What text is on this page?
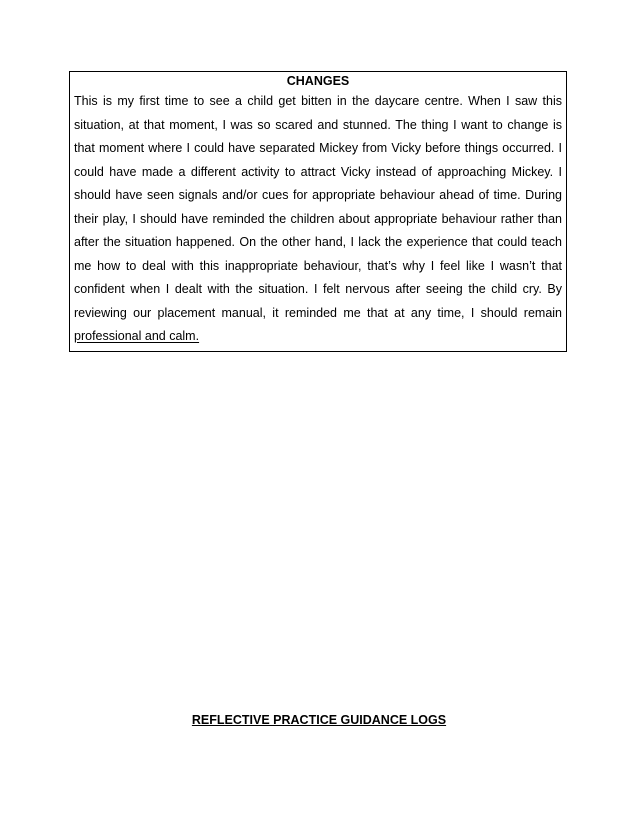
CHANGES

This is my first time to see a child get bitten in the daycare centre. When I saw this situation, at that moment, I was so scared and stunned. The thing I want to change is that moment where I could have separated Mickey from Vicky before things occurred. I could have made a different activity to attract Vicky instead of approaching Mickey. I should have seen signals and/or cues for appropriate behaviour ahead of time. During their play, I should have reminded the children about appropriate behaviour rather than after the situation happened. On the other hand, I lack the experience that could teach me how to deal with this inappropriate behaviour, that’s why I feel like I wasn’t that confident when I dealt with the situation. I felt nervous after seeing the child cry. By reviewing our placement manual, it reminded me that at any time, I should remain professional and calm.

REFLECTIVE PRACTICE GUIDANCE LOGS
